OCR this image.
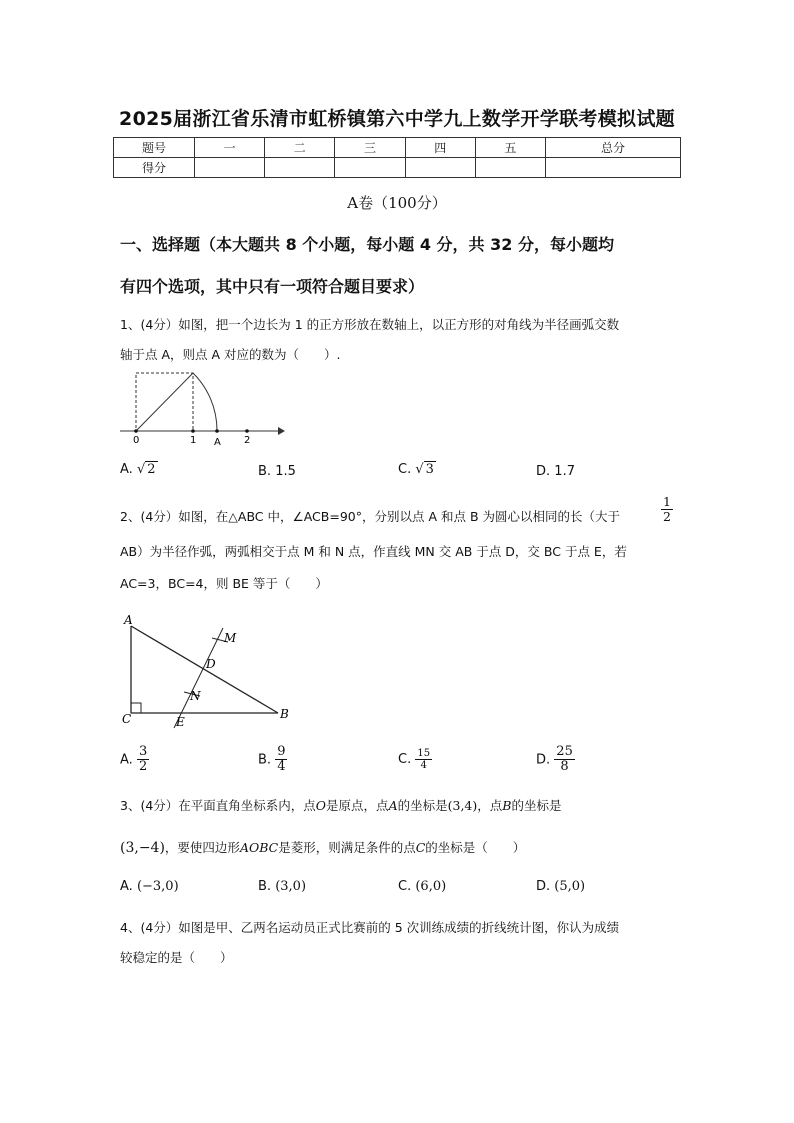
2025届浙江省乐清市虹桥镇第六中学九上数学开学联考模拟试题
题号	一	二	三	四	五	总分
得分						
A卷（100分）
一、选择题（本大题共 8 个小题，每小题 4 分，共 32 分，每小题均
有四个选项，其中只有一项符合题目要求）
1、(4分）如图，把一个边长为 1 的正方形放在数轴上，以正方形的对角线为半径画弧交数
轴于点 A，则点 A 对应的数为（　　）.
0	1 A 2
A. √ 2	B. 1.5	C. √ 3	D. 1.7
2、(4分）如图，在△ABC 中，∠ACB=90°，分别以点 A 和点 B 为圆心以相同的长（大于	$\frac{1}{2}$
AB）为半径作弧，两弧相交于点 M 和 N 点，作直线 MN 交 AB 于点 D，交 BC 于点 E，若
AC=3，BC=4，则 BE 等于（　　）
A
M
D
N
C	E
B
A. $\frac{3}{2}$	B. $\frac{9}{4}$	C. $\frac{15}{4}$	D. $\frac{25}{8}$
3、(4分）在平面直角坐标系内，点O是原点，点A的坐标是(3,4)，点B的坐标是
(3,−4)，要使四边形AOBC是菱形，则满足条件的点C的坐标是（　　）
A. (−3,0)	B. (3,0)	C. (6,0)	D. (5,0)
4、(4分）如图是甲、乙两名运动员正式比赛前的 5 次训练成绩的折线统计图，你认为成绩
较稳定的是（　　）
